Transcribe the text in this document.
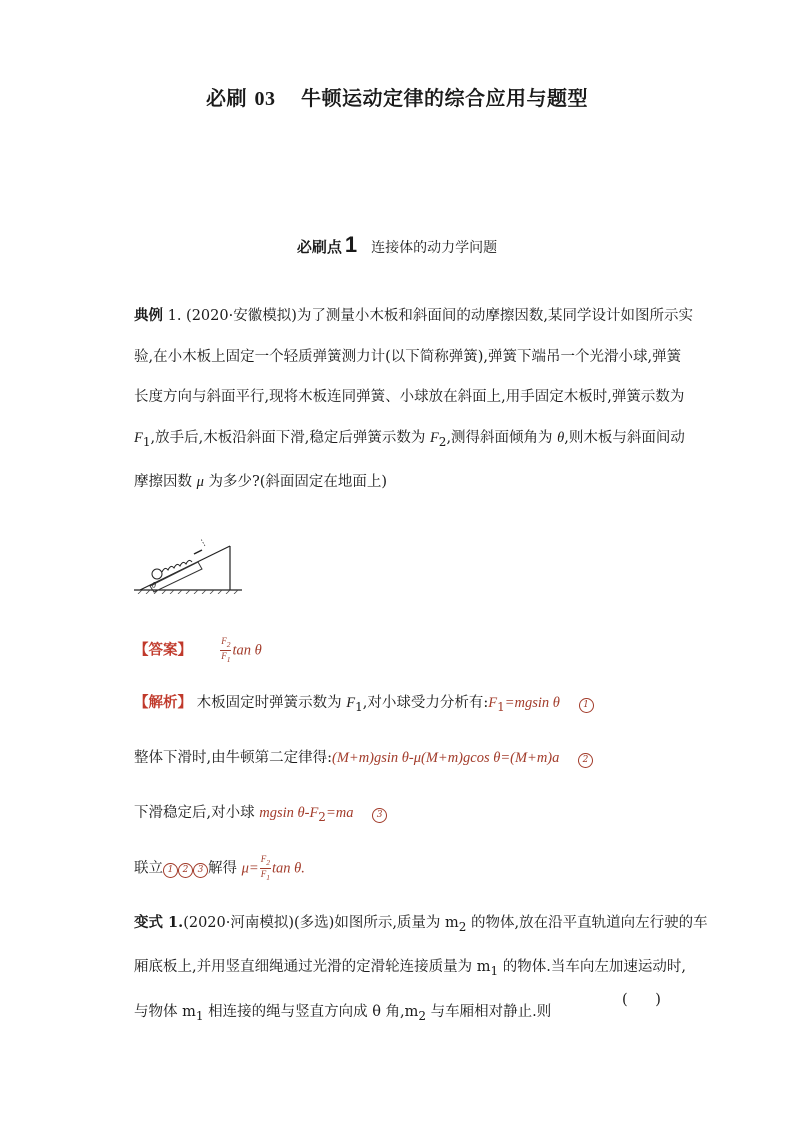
必刷 03 牛顿运动定律的综合应用与题型
必刷点 1 连接体的动力学问题

典例 1. (2020·安徽模拟)为了测量小木板和斜面间的动摩擦因数,某同学设计如图所示实

验,在小木板上固定一个轻质弹簧测力计(以下简称弹簧),弹簧下端吊一个光滑小球,弹簧

长度方向与斜面平行,现将木板连同弹簧、小球放在斜面上,用手固定木板时,弹簧示数为

$F_1$,放手后,木板沿斜面下滑,稳定后弹簧示数为 $F_2$,测得斜面倾角为 θ,则木板与斜面间动

摩擦因数 μ 为多少?(斜面固定在地面上)

θ
【答案】	$\frac{F_2}{F_1}$ tan θ
【解析】 木板固定时弹簧示数为 $F_1$,对小球受力分析有$:F_1=mgsin$ θ	1
整体下滑时,由牛顿第二定律得:(M+m)gsin θ-μ(M+m)gcos θ=(M+m)a	2
下滑稳定后,对小球 mgsin $\theta-F_2=ma$	3
联立 1 2 3 解得 $\mu= \frac{F_2}{F_1}$ tan θ.

变式 1.(2020·河南模拟)(多选)如图所示,质量为 $m_2$ 的物体,放在沿平直轨道向左行驶的车

厢底板上,并用竖直细绳通过光滑的定滑轮连接质量为 $m_1$ 的物体.当车向左加速运动时,

与物体 $m_1$ 相连接的绳与竖直方向成 θ 角$,m_2$ 与车厢相对静止.则

(      )
